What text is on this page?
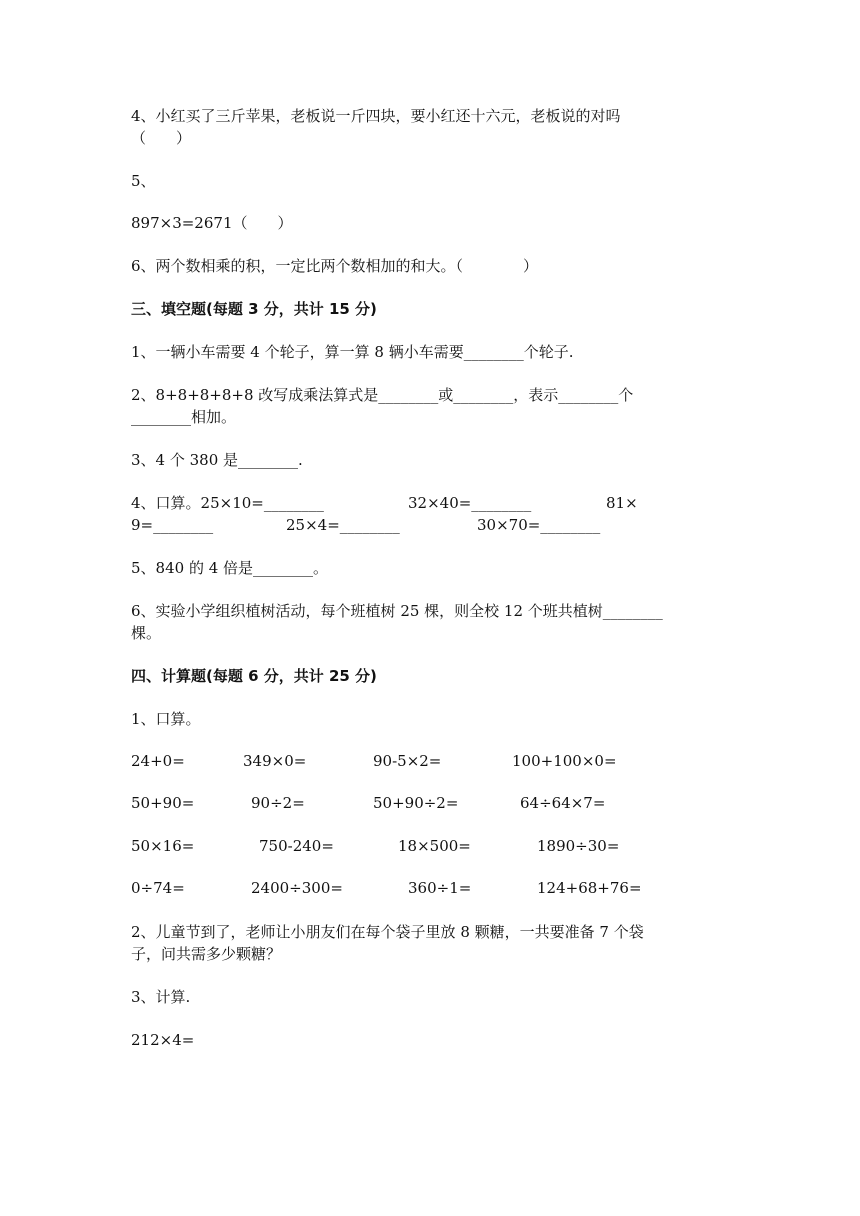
4、小红买了三斤苹果，老板说一斤四块，要小红还十六元，老板说的对吗
（　　）
5、
897×3=2671（　　）
6、两个数相乘的积，一定比两个数相加的和大。（　　　　）
三、填空题(每题 3 分，共计 15 分)
1、一辆小车需要 4 个轮子，算一算 8 辆小车需要________个轮子.
2、8+8+8+8+8 改写成乘法算式是________或________，表示________个
________相加。
3、4 个 380 是________.
4、口算。25×10=________	32×40=________	81×
9=________	25×4=________	30×70=________
5、840 的 4 倍是________。
6、实验小学组织植树活动，每个班植树 25 棵，则全校 12 个班共植树________
棵。
四、计算题(每题 6 分，共计 25 分)
1、口算。
24+0=	349×0=	90-5×2=	100+100×0=
50+90=	90÷2=	50+90÷2=	64÷64×7=
50×16=	750-240=	18×500=	1890÷30=
0÷74=	2400÷300=	360÷1=	124+68+76=
2、儿童节到了，老师让小朋友们在每个袋子里放 8 颗糖，一共要准备 7 个袋
子，问共需多少颗糖？
3、计算.
212×4=
